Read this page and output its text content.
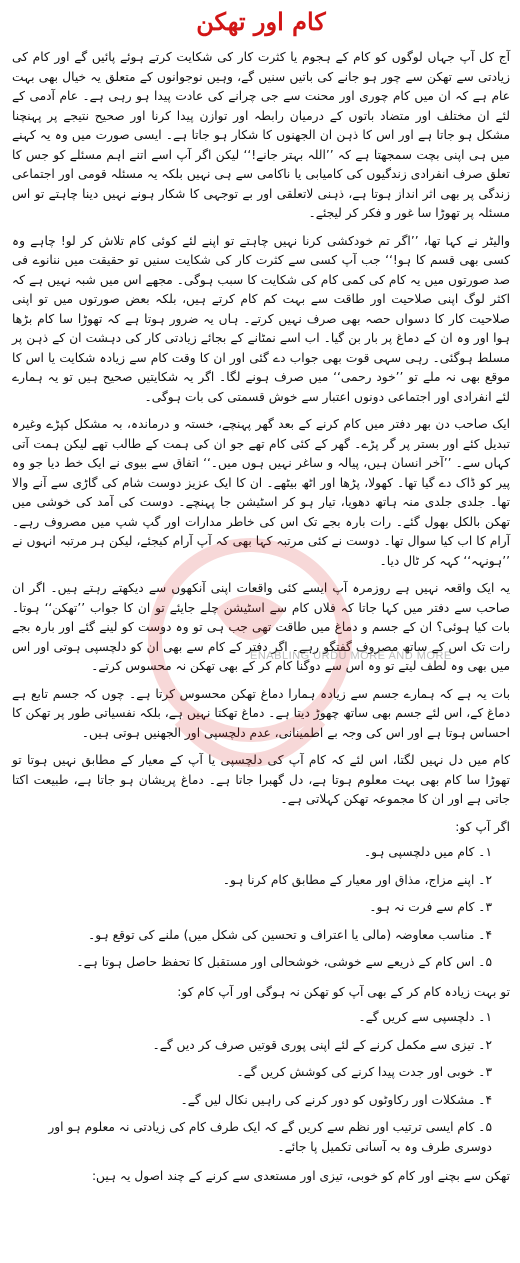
کام اور تھکن

آج کل آپ جہاں لوگوں کو کام کے ہجوم یا کثرت کار کی شکایت کرتے ہوئے پائیں گے اور کام کی زیادتی سے تھکن سے چور ہو جانے کی باتیں سنیں گے، وہیں نوجوانوں کے متعلق یہ خیال بھی بہت عام ہے کہ ان میں کام چوری اور محنت سے جی چرانے کی عادت پیدا ہو رہی ہے۔ عام آدمی کے لئے ان مختلف اور متضاد باتوں کے درمیان رابطہ اور توازن پیدا کرنا اور صحیح نتیجے پر پہنچنا مشکل ہو جاتا ہے اور اس کا ذہن ان الجھنوں کا شکار ہو جاتا ہے۔ ایسی صورت میں وہ یہ کہنے میں ہی اپنی بچت سمجھتا ہے کہ ’’اللہ بہتر جانے!‘‘ لیکن اگر آپ اسے اتنے اہم مسئلے کو جس کا تعلق صرف انفرادی زندگیوں کی کامیابی یا ناکامی سے ہی نہیں بلکہ یہ مسئلہ قومی اور اجتماعی زندگی پر بھی اثر انداز ہوتا ہے، ذہنی لاتعلقی اور بے توجہی کا شکار ہونے نہیں دینا چاہتے تو اس مسئلہ پر تھوڑا سا غور و فکر کر لیجئے۔

والیٹر نے کہا تھا، ’’اگر تم خودکشی کرنا نہیں چاہتے تو اپنے لئے کوئی کام تلاش کر لو! چاہے وہ کسی بھی قسم کا ہو!‘‘ جب آپ کسی سے کثرت کار کی شکایت سنیں تو حقیقت میں ننانوے فی صد صورتوں میں یہ کام کی کمی کام کی شکایت کا سبب ہوگی۔ مجھے اس میں شبہ نہیں ہے کہ اکثر لوگ اپنی صلاحیت اور طاقت سے بہت کم کام کرتے ہیں، بلکہ بعض صورتوں میں تو اپنی صلاحیت کار کا دسواں حصہ بھی صرف نہیں کرتے۔ ہاں یہ ضرور ہوتا ہے کہ تھوڑا سا کام بڑھا ہوا اور وہ ان کے دماغ پر بار بن گیا۔ اب اسے نمٹانے کے بجائے زیادتی کار کی دہشت ان کے ذہن پر مسلط ہوگئی۔ رہی سہی قوت بھی جواب دے گئی اور ان کا وقت کام سے زیادہ شکایت یا اس کا موقع بھی نہ ملے تو ’’خود رحمی‘‘ میں صرف ہونے لگا۔ اگر یہ شکایتیں صحیح ہیں تو یہ ہمارے لئے انفرادی اور اجتماعی دونوں اعتبار سے خوش قسمتی کی بات ہوگی۔

ایک صاحب دن بھر دفتر میں کام کرنے کے بعد گھر پہنچے، خستہ و درماندہ، بہ مشکل کپڑے وغیرہ تبدیل کئے اور بستر پر گر پڑے۔ گھر کے کئی کام تھے جو ان کی ہمت کے طالب تھے لیکن ہمت آتی کہاں سے۔ ’’آخر انسان ہیں، پیالہ و ساغر نہیں ہوں میں۔‘‘ اتفاق سے بیوی نے ایک خط دیا جو وہ پیر کو ڈاک دے گیا تھا۔ کھولا، پڑھا اور اٹھ بیٹھے۔ ان کا ایک عزیز دوست شام کی گاڑی سے آنے والا تھا۔ جلدی جلدی منہ ہاتھ دھویا، تیار ہو کر اسٹیشن جا پہنچے۔ دوست کی آمد کی خوشی میں تھکن بالکل بھول گئے۔ رات بارہ بجے تک اس کی خاطر مدارات اور گپ شپ میں مصروف رہے۔ آرام کا اب کیا سوال تھا۔ دوست نے کئی مرتبہ کہا بھی کہ آپ آرام کیجئے، لیکن ہر مرتبہ انہوں نے ’’ہونہہ‘‘ کہہ کر ٹال دیا۔

یہ ایک واقعہ نہیں ہے روزمرہ آپ ایسے کئی واقعات اپنی آنکھوں سے دیکھتے رہتے ہیں۔ اگر ان صاحب سے دفتر میں کہا جاتا کہ فلاں کام سے اسٹیشن چلے جایئے تو ان کا جواب ’’تھکن‘‘ ہوتا۔ بات کیا ہوئی؟ ان کے جسم و دماغ میں طاقت تھی جب ہی تو وہ دوست کو لینے گئے اور بارہ بجے رات تک اس کے ساتھ مصروف گفتگو رہے۔ اگر دفتر کے کام سے بھی ان کو دلچسپی ہوتی اور اس میں بھی وہ لطف لیتے تو وہ اس سے دوگنا کام کر کے بھی تھکن نہ محسوس کرتے۔

بات یہ ہے کہ ہمارے جسم سے زیادہ ہمارا دماغ تھکن محسوس کرتا ہے۔ چوں کہ جسم تابع ہے دماغ کے، اس لئے جسم بھی ساتھ چھوڑ دیتا ہے۔ دماغ تھکتا نہیں ہے، بلکہ نفسیاتی طور پر تھکن کا احساس ہوتا ہے اور اس کی وجہ بے اطمینانی، عدم دلچسپی اور الجھنیں ہوتی ہیں۔

کام میں دل نہیں لگتا، اس لئے کہ کام آپ کی دلچسپی یا آپ کے معیار کے مطابق نہیں ہوتا تو تھوڑا سا کام بھی بہت معلوم ہوتا ہے، دل گھبرا جاتا ہے۔ دماغ پریشان ہو جاتا ہے، طبیعت اکتا جاتی ہے اور ان کا مجموعہ تھکن کہلاتی ہے۔

اگر آپ کو:
۱۔ کام میں دلچسپی ہو۔
۲۔ اپنے مزاج، مذاق اور معیار کے مطابق کام کرنا ہو۔
۳۔ کام سے فرت نہ ہو۔
۴۔ مناسب معاوضہ (مالی یا اعتراف و تحسین کی شکل میں) ملنے کی توقع ہو۔
۵۔ اس کام کے ذریعے سے خوشی، خوشحالی اور مستقبل کا تحفظ حاصل ہوتا ہے۔
تو بہت زیادہ کام کر کے بھی آپ کو تھکن نہ ہوگی اور آپ کام کو:
۱۔ دلچسپی سے کریں گے۔
۲۔ تیزی سے مکمل کرنے کے لئے اپنی پوری قوتیں صرف کر دیں گے۔
۳۔ خوبی اور جدت پیدا کرنے کی کوشش کریں گے۔
۴۔ مشکلات اور رکاوٹوں کو دور کرنے کی راہیں نکال لیں گے۔
۵۔ کام ایسی ترتیب اور نظم سے کریں گے کہ ایک طرف کام کی زیادتی نہ معلوم ہو اور دوسری طرف وہ بہ آسانی تکمیل پا جائے۔

تھکن سے بچنے اور کام کو خوبی، تیزی اور مستعدی سے کرنے کے چند اصول یہ ہیں:

ENABLING URDU MORE AND MORE
